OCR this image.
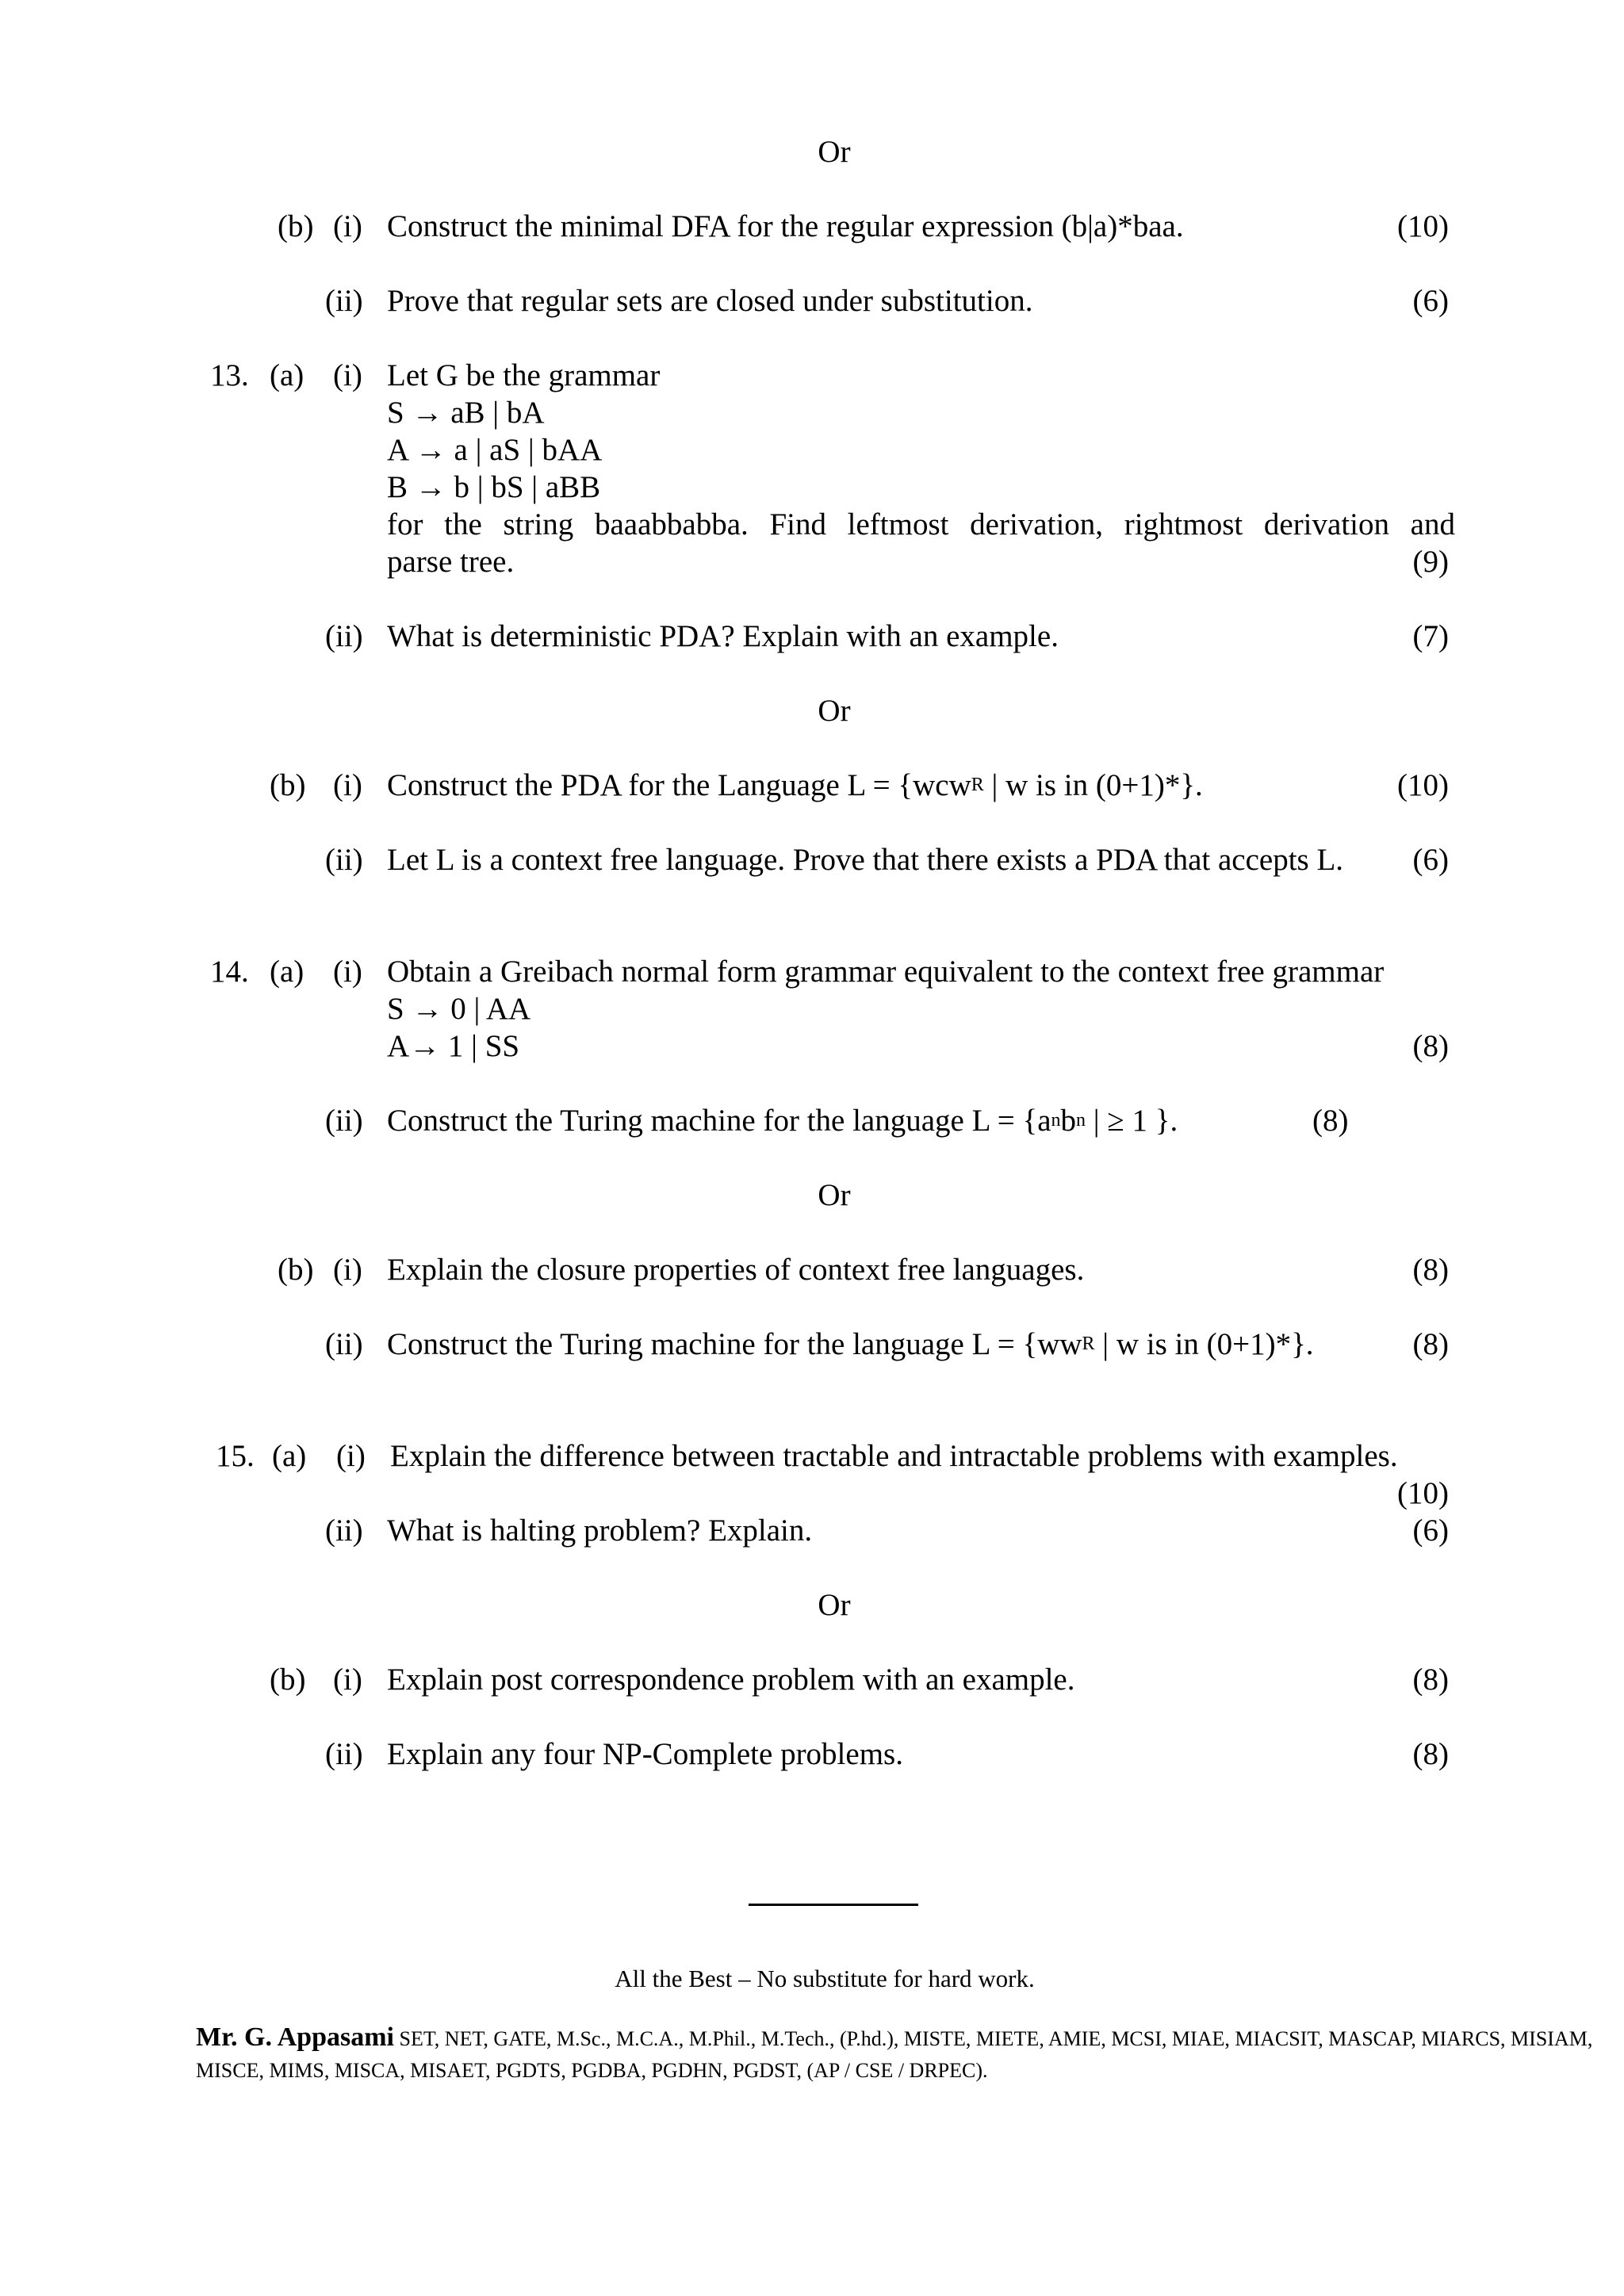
Or
(b) (i) Construct the minimal DFA for the regular expression (b|a)*baa.	(10)
(ii) Prove that regular sets are closed under substitution.	(6)
13. (a) (i) Let G be the grammar
S → aB | bA
A → a | aS | bAA
B → b | bS | aBB
for the string baaabbabba. Find leftmost derivation, rightmost derivation and
parse tree.	(9)
(ii) What is deterministic PDA? Explain with an example.	(7)
Or
(b) (i) Construct the PDA for the Language L = {wcw$^R$ | w is in (0+1)*}.	(10)
(ii) Let L is a context free language. Prove that there exists a PDA that accepts L. (6)
14. (a) (i) Obtain a Greibach normal form grammar equivalent to the context free grammar
S → 0 | AA
A→ 1 | SS	(8)
(ii) Construct the Turing machine for the language $L = \{a^nb^n$ | ≥ 1 }.	(8)
Or
(b) (i) Explain the closure properties of context free languages.	(8)
(ii) Construct the Turing machine for the language $L = \{ww^R$ | w is in (0+1)*}.	(8)
15. (a) (i) Explain the difference between tractable and intractable problems with examples.
(10)
(ii) What is halting problem? Explain.	(6)
Or
(b) (i) Explain post correspondence problem with an example.	(8)
(ii) Explain any four NP-Complete problems.	(8)
All the Best – No substitute for hard work.
Mr. G. Appasami SET, NET, GATE, M.Sc., M.C.A., M.Phil., M.Tech., (P.hd.), MISTE, MIETE, AMIE, MCSI, MIAE, MIACSIT, MASCAP, MIARCS, MISIAM, MISCE, MIMS, MISCA, MISAET, PGDTS, PGDBA, PGDHN, PGDST, (AP / CSE / DRPEC).
